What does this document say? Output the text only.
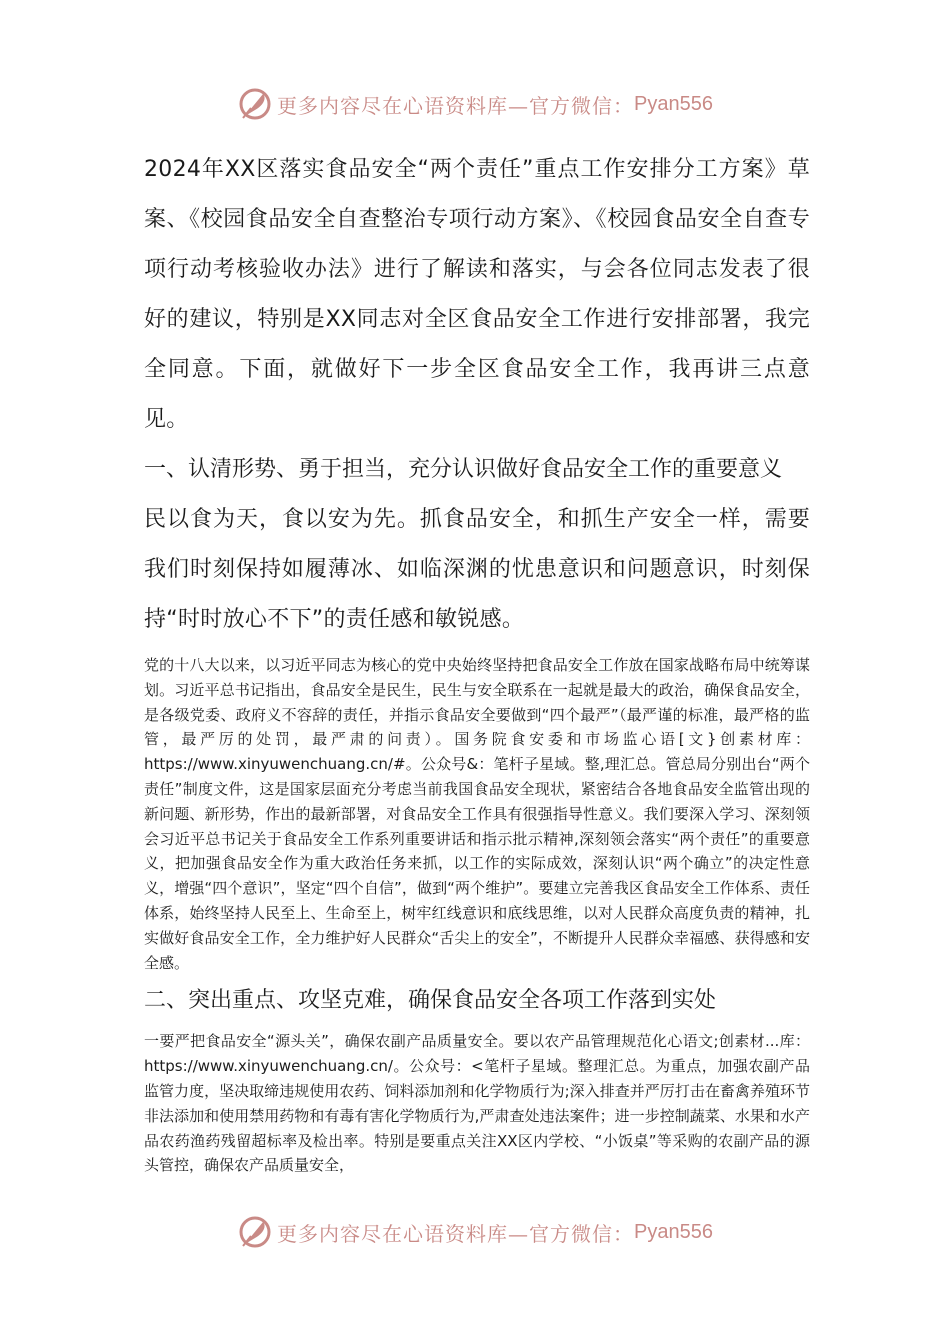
更多内容尽在心语资料库—官方微信： Pyan556

2024年XX区落实食品安全“两个责任”重点工作安排分工方案》草案、《校园食品安全自查整治专项行动方案》、《校园食品安全自查专项行动考核验收办法》进行了解读和落实，与会各位同志发表了很好的建议，特别是XX同志对全区食品安全工作进行安排部署，我完全同意。下面，就做好下一步全区食品安全工作，我再讲三点意见。

一、认清形势、勇于担当，充分认识做好食品安全工作的重要意义

民以食为天，食以安为先。抓食品安全，和抓生产安全一样，需要我们时刻保持如履薄冰、如临深渊的忧患意识和问题意识，时刻保持“时时放心不下”的责任感和敏锐感。

党的十八大以来，以习近平同志为核心的党中央始终坚持把食品安全工作放在国家战略布局中统筹谋划。习近平总书记指出，食品安全是民生，民生与安全联系在一起就是最大的政治，确保食品安全，是各级党委、政府义不容辞的责任，并指示食品安全要做到“四个最严”（最严谨的标准，最严格的监管，最严厉的处罚，最严肃的问责）。国务院食安委和市场监心语[文}创素材库：https://www.xinyuwenchuang.cn/#。公众号&：笔杆子星域。整,理汇总。管总局分别出台“两个责任”制度文件，这是国家层面充分考虑当前我国食品安全现状，紧密结合各地食品安全监管出现的新问题、新形势，作出的最新部署，对食品安全工作具有很强指导性意义。我们要深入学习、深刻领会习近平总书记关于食品安全工作系列重要讲话和指示批示精神,深刻领会落实“两个责任”的重要意义，把加强食品安全作为重大政治任务来抓，以工作的实际成效，深刻认识“两个确立”的决定性意义，增强“四个意识”，坚定“四个自信”，做到“两个维护”。要建立完善我区食品安全工作体系、责任体系，始终坚持人民至上、生命至上，树牢红线意识和底线思维，以对人民群众高度负责的精神，扎实做好食品安全工作，全力维护好人民群众“舌尖上的安全”，不断提升人民群众幸福感、获得感和安全感。

二、突出重点、攻坚克难，确保食品安全各项工作落到实处

一要严把食品安全“源头关”，确保农副产品质量安全。要以农产品管理规范化心语文;创素材...库：https://www.xinyuwenchuang.cn/。公众号：<笔杆子星域。整理汇总。为重点，加强农副产品监管力度，坚决取缔违规使用农药、饲料添加剂和化学物质行为;深入排查并严厉打击在畜禽养殖环节非法添加和使用禁用药物和有毒有害化学物质行为,严肃查处违法案件；进一步控制蔬菜、水果和水产品农药渔药残留超标率及检出率。特别是要重点关注XX区内学校、“小饭桌”等采购的农副产品的源头管控，确保农产品质量安全，

更多内容尽在心语资料库—官方微信： Pyan556
